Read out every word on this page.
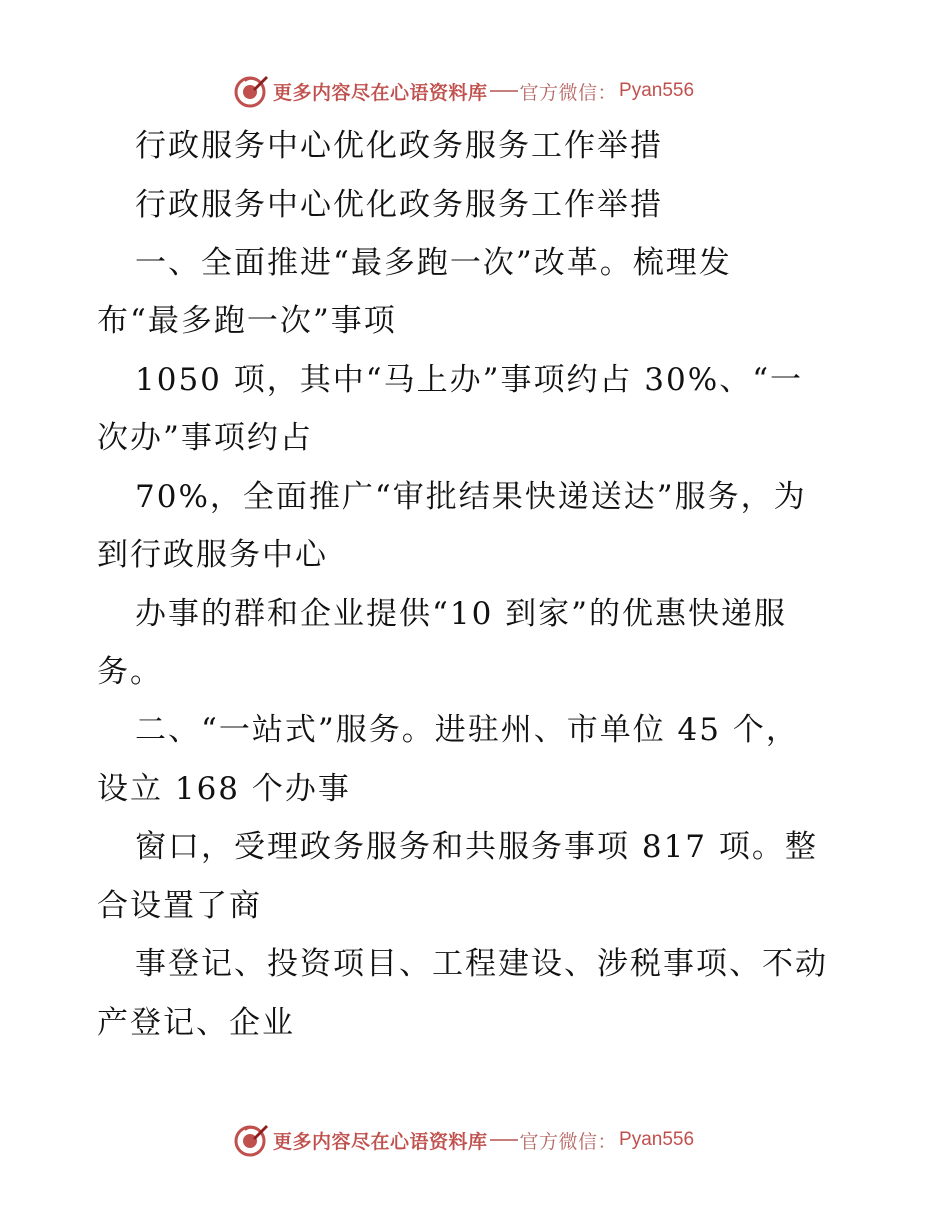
更多内容尽在心语资料库 官方微信： Pyan556
行政服务中心优化政务服务工作举措
行政服务中心优化政务服务工作举措
一、全面推进“最多跑一次”改革。梳理发
布“最多跑一次”事项
1050 项，其中“马上办”事项约占 30%、“一
次办”事项约占
70%，全面推广“审批结果快递送达”服务，为
到行政服务中心
办事的群和企业提供“10 到家”的优惠快递服
务。
二、“一站式”服务。进驻州、市单位 45 个，
设立 168 个办事
窗口，受理政务服务和共服务事项 817 项。整
合设置了商
事登记、投资项目、工程建设、涉税事项、不动
产登记、企业
更多内容尽在心语资料库 官方微信： Pyan556
